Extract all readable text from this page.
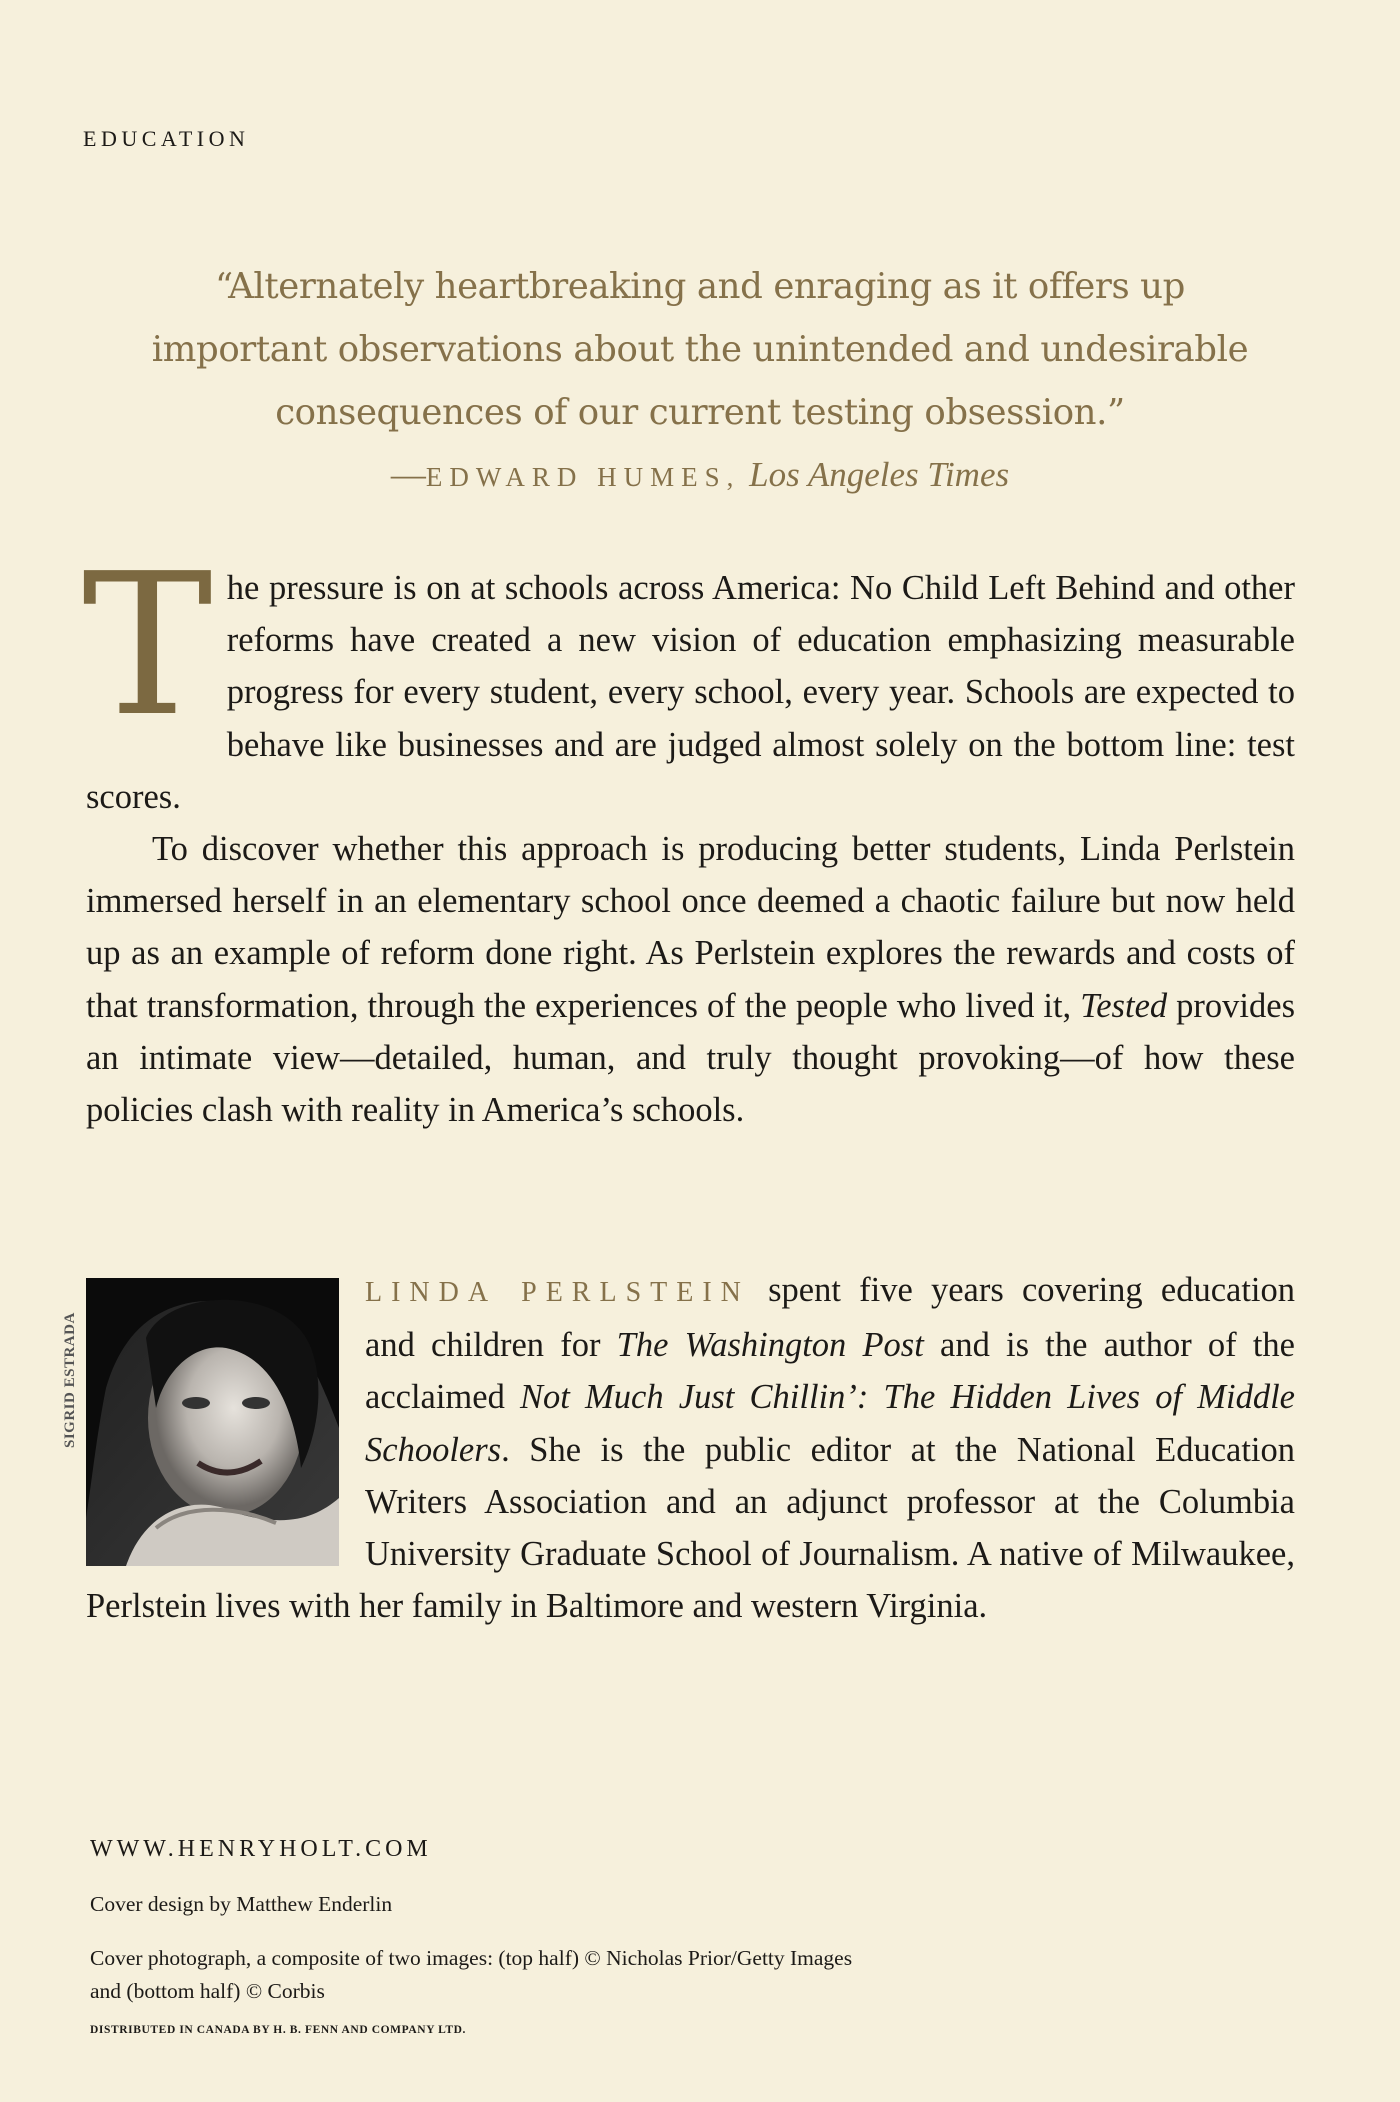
EDUCATION
“Alternately heartbreaking and enraging as it offers up
important observations about the unintended and undesirable
consequences of our current testing obsession.”
—EDWARD HUMES, Los Angeles Times
T he pressure is on at schools across America: No Child Left Behind and other reforms have created a new vision of education emphasizing measurable progress for every student, every school, every year. Schools are expected to behave like businesses and are judged almost solely on the bottom line: test scores.

To discover whether this approach is producing better students, Linda Perlstein immersed herself in an elementary school once deemed a chaotic failure but now held up as an example of reform done right. As Perlstein explores the rewards and costs of that transformation, through the experiences of the people who lived it, Tested provides an intimate view—detailed, human, and truly thought provoking—of how these policies clash with reality in America’s schools.

SIGRID ESTRADA
LINDA PERLSTEIN spent five years covering education and children for The Washington Post and is the author of the acclaimed Not Much Just Chillin’: The Hidden Lives of Middle Schoolers. She is the public editor at the National Education Writers Association and an adjunct professor at the Columbia University Graduate School of Journalism. A native of Milwaukee, Perlstein lives with her family in Baltimore and western Virginia.
WWW.HENRYHOLT.COM
Cover design by Matthew Enderlin
Cover photograph, a composite of two images: (top half) © Nicholas Prior/Getty Images and (bottom half) © Corbis
DISTRIBUTED IN CANADA BY H. B. FENN AND COMPANY LTD.
